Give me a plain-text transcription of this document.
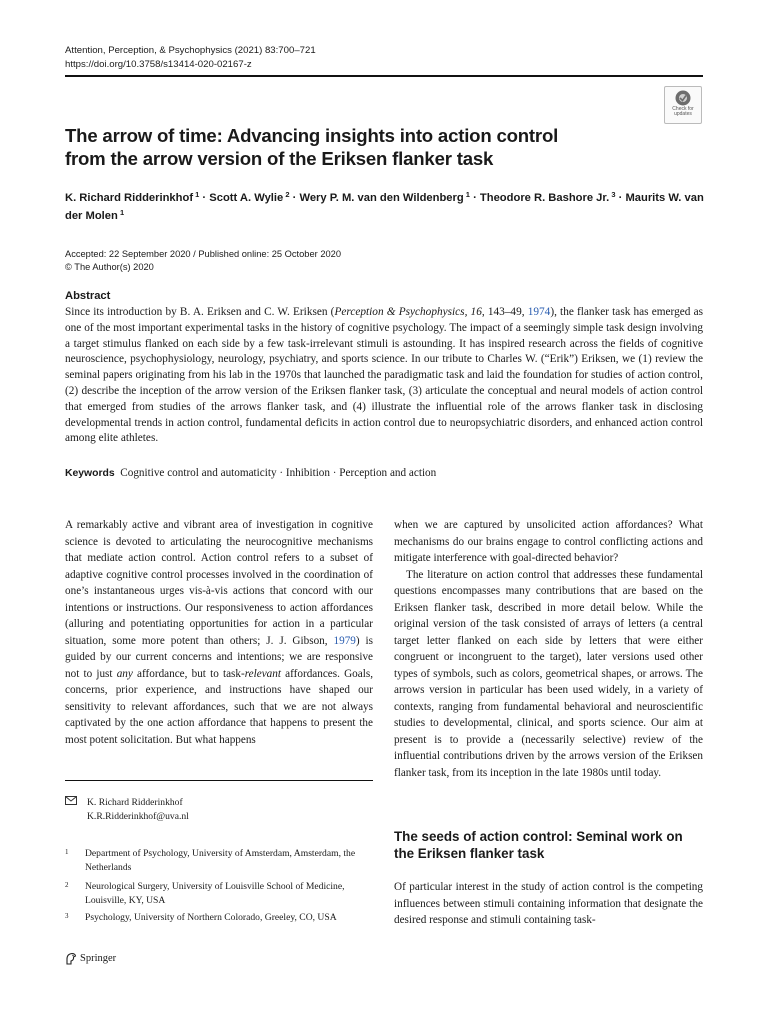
Attention, Perception, & Psychophysics (2021) 83:700–721
https://doi.org/10.3758/s13414-020-02167-z
Check for
updates
The arrow of time: Advancing insights into action control
from the arrow version of the Eriksen flanker task
K. Richard Ridderinkhof $^1$ · Scott A. Wylie $^2$ · Wery P. M. van den Wildenberg $^1$ · Theodore R. Bashore Jr. $^3$ · Maurits W. van der Molen $^1$
Accepted: 22 September 2020 / Published online: 25 October 2020
© The Author(s) 2020
Abstract
Since its introduction by B. A. Eriksen and C. W. Eriksen (Perception & Psychophysics, 16, 143–49, 1974), the flanker task has emerged as one of the most important experimental tasks in the history of cognitive psychology. The impact of a seemingly simple task design involving a target stimulus flanked on each side by a few task-irrelevant stimuli is astounding. It has inspired research across the fields of cognitive neuroscience, psychophysiology, neurology, psychiatry, and sports science. In our tribute to Charles W. (“Erik”) Eriksen, we (1) review the seminal papers originating from his lab in the 1970s that launched the paradigmatic task and laid the foundation for studies of action control, (2) describe the inception of the arrow version of the Eriksen flanker task, (3) articulate the conceptual and neural models of action control that emerged from studies of the arrows flanker task, and (4) illustrate the influential role of the arrows flanker task in disclosing developmental trends in action control, fundamental deficits in action control due to neuropsychiatric disorders, and enhanced action control among elite athletes.
Keywords Cognitive control and automaticity · Inhibition · Perception and action

A remarkably active and vibrant area of investigation in cognitive science is devoted to articulating the neurocognitive mechanisms that mediate action control. Action control refers to a subset of adaptive cognitive control processes involved in the coordination of one’s instantaneous urges vis-à-vis actions that concord with our intentions or instructions. Our responsiveness to action affordances (alluring and potentiating opportunities for action in a particular situation, some more potent than others; J. J. Gibson, 1979) is guided by our current concerns and intentions; we are responsive not to just any affordance, but to task-relevant affordances. Goals, concerns, prior experience, and instructions have shaped our sensitivity to relevant affordances, such that we are not always captivated by the one action affordance that happens to present the most potent solicitation. But what happens

when we are captured by unsolicited action affordances? What mechanisms do our brains engage to control conflicting actions and mitigate interference with goal-directed behavior?

The literature on action control that addresses these fundamental questions encompasses many contributions that are based on the Eriksen flanker task, described in more detail below. While the original version of the task consisted of arrays of letters (a central target letter flanked on each side by letters that were either congruent or incongruent to the target), later versions used other types of symbols, such as colors, geometrical shapes, or arrows. The arrows version in particular has been used widely, in a variety of contexts, ranging from fundamental behavioral and neuroscientific studies to developmental, clinical, and sports science. Our aim at present is to provide a (necessarily selective) review of the influential contributions driven by the arrows version of the Eriksen flanker task, from its inception in the late 1980s until today.

K. Richard Ridderinkhof
K.R.Ridderinkhof@uva.nl
1	Department of Psychology, University of Amsterdam, Amsterdam, the Netherlands
2	Neurological Surgery, University of Louisville School of Medicine, Louisville, KY, USA
3	Psychology, University of Northern Colorado, Greeley, CO, USA
The seeds of action control: Seminal work on the Eriksen flanker task

Of particular interest in the study of action control is the competing influences between stimuli containing information that designate the desired response and stimuli containing task-

Springer
